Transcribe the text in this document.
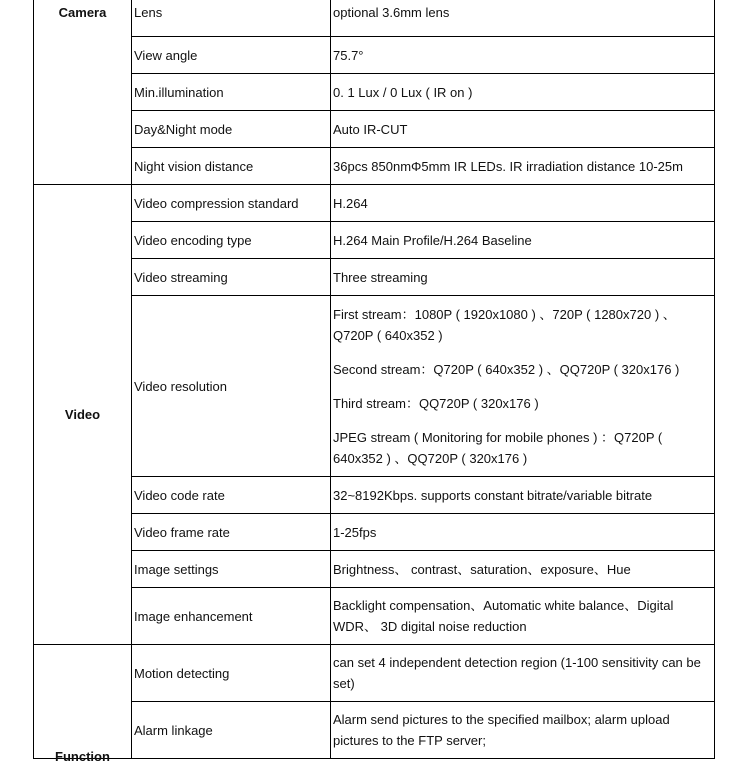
Camera	Lens	optional 3.6mm lens
	View angle	75.7°
	Min.illumination	0. 1 Lux / 0 Lux ( IR on )
	Day&Night mode	Auto IR-CUT
	Night vision distance	36pcs 850nmΦ5mm IR LEDs. IR irradiation distance 10-25m
Video	Video compression standard	H.264
	Video encoding type	H.264 Main Profile/H.264 Baseline
	Video streaming	Three streaming
	Video resolution	First stream：1080P ( 1920x1080 ) 、720P ( 1280x720 ) 、Q720P ( 640x352 )
Second stream：Q720P ( 640x352 ) 、QQ720P ( 320x176 )
Third stream：QQ720P ( 320x176 )
JPEG stream ( Monitoring for mobile phones ) ：Q720P ( 640x352 ) 、QQ720P ( 320x176 )

	Video code rate	32~8192Kbps. supports constant bitrate/variable bitrate
	Video frame rate	1-25fps
	Image settings	Brightness、 contrast、saturation、exposure、Hue
	Image enhancement	Backlight compensation、Automatic white balance、Digital WDR、 3D digital noise reduction

Function	Motion detecting	can set 4 independent detection region (1-100 sensitivity can be set)
	Alarm linkage	Alarm send pictures to the specified mailbox; alarm upload pictures to the FTP server;
